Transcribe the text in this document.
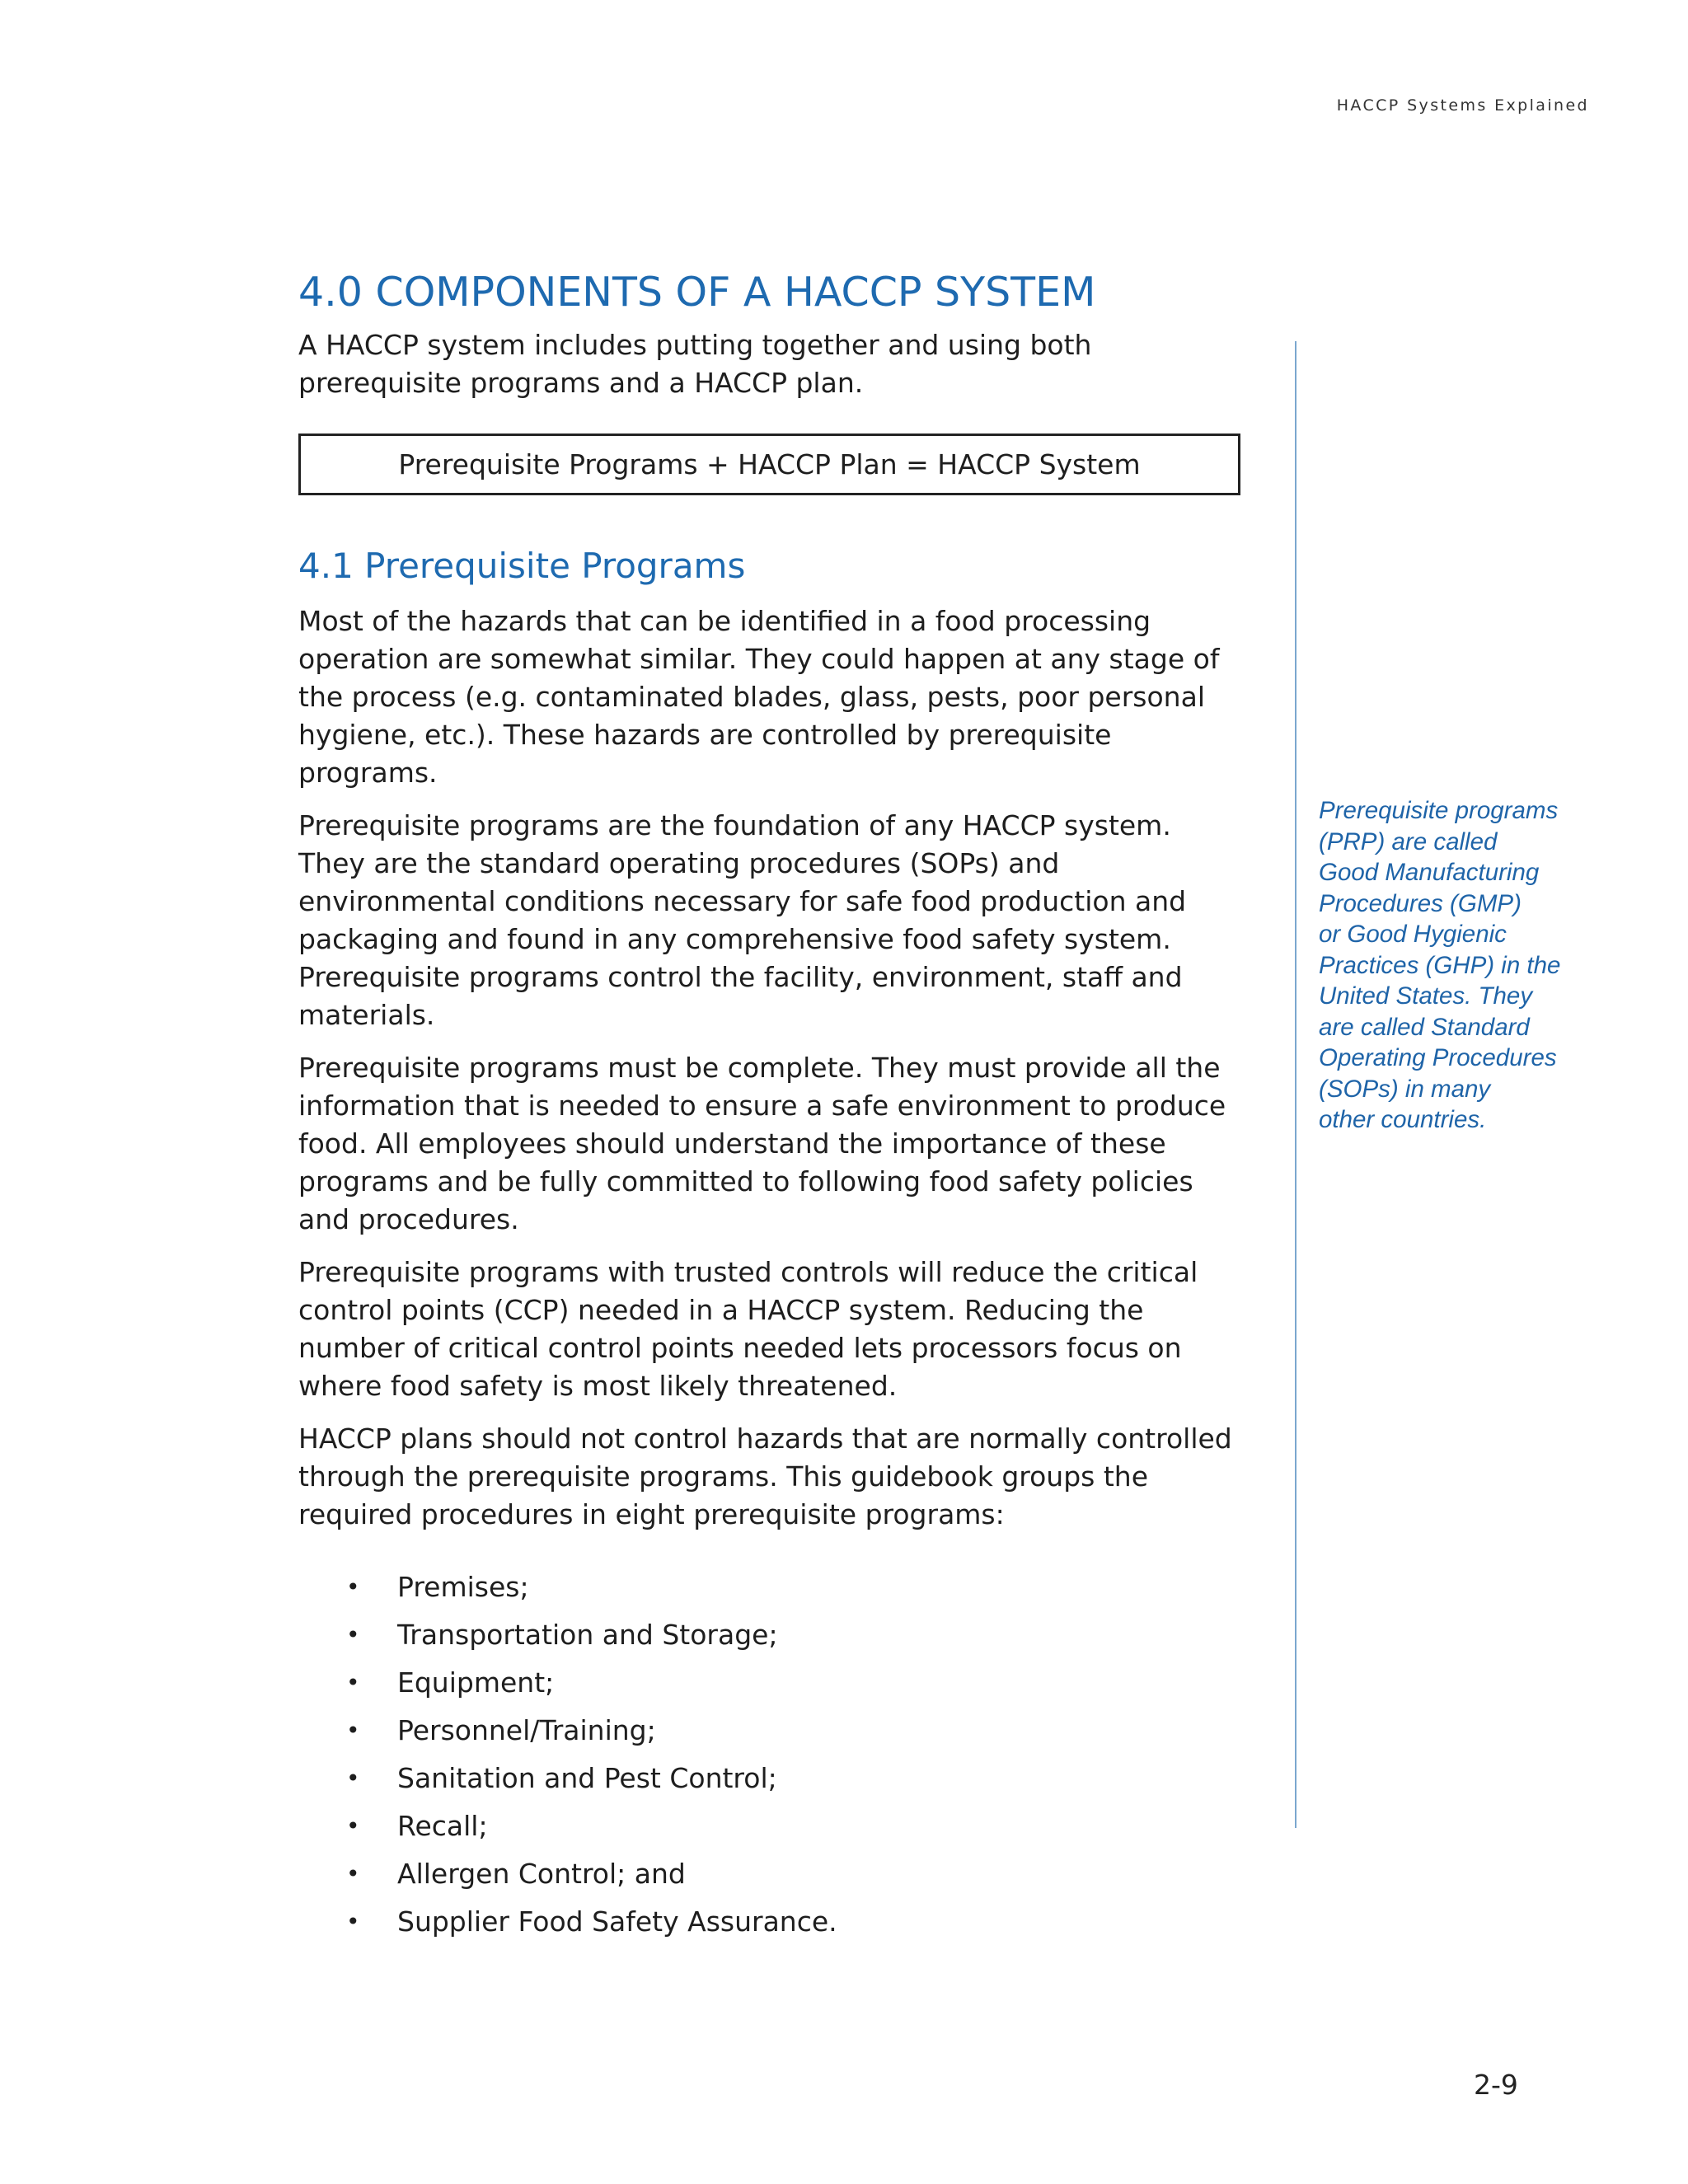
HACCP Systems Explained
4.0 COMPONENTS OF A HACCP SYSTEM

A HACCP system includes putting together and using both prerequisite programs and a HACCP plan.

Prerequisite Programs + HACCP Plan = HACCP System
4.1 Prerequisite Programs

Most of the hazards that can be identified in a food processing operation are somewhat similar. They could happen at any stage of the process (e.g. contaminated blades, glass, pests, poor personal hygiene, etc.). These hazards are controlled by prerequisite programs.

Prerequisite programs are the foundation of any HACCP system. They are the standard operating procedures (SOPs) and environmental conditions necessary for safe food production and packaging and found in any comprehensive food safety system. Prerequisite programs control the facility, environment, staff and materials.

Prerequisite programs must be complete. They must provide all the information that is needed to ensure a safe environment to produce food. All employees should understand the importance of these programs and be fully committed to following food safety policies and procedures.

Prerequisite programs with trusted controls will reduce the critical control points (CCP) needed in a HACCP system. Reducing the number of critical control points needed lets processors focus on where food safety is most likely threatened.

HACCP plans should not control hazards that are normally controlled through the prerequisite programs. This guidebook groups the required procedures in eight prerequisite programs:

• Premises;
• Transportation and Storage;
• Equipment;
• Personnel/Training;
• Sanitation and Pest Control;
• Recall;
• Allergen Control; and
• Supplier Food Safety Assurance.
Prerequisite programs
(PRP) are called
Good Manufacturing
Procedures (GMP)
or Good Hygienic
Practices (GHP) in the
United States. They
are called Standard
Operating Procedures
(SOPs) in many
other countries.
2-9
